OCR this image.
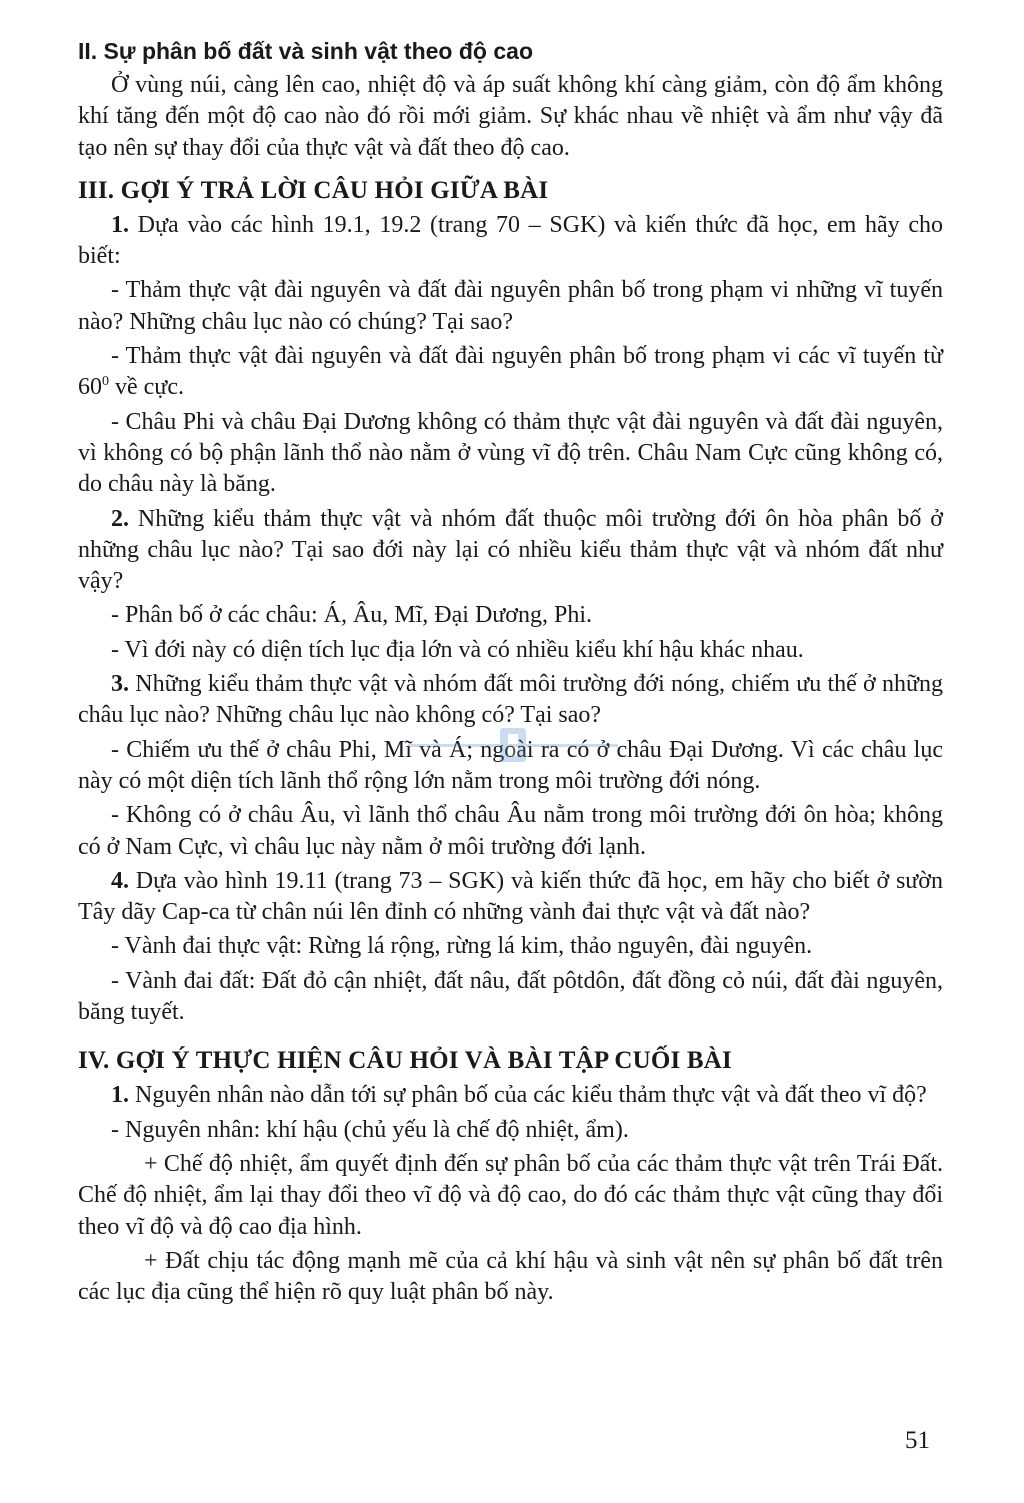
II. Sự phân bố đất và sinh vật theo độ cao

Ở vùng núi, càng lên cao, nhiệt độ và áp suất không khí càng giảm, còn độ ẩm không khí tăng đến một độ cao nào đó rồi mới giảm. Sự khác nhau về nhiệt và ẩm như vậy đã tạo nên sự thay đổi của thực vật và đất theo độ cao.

III. GỢI Ý TRẢ LỜI CÂU HỎI GIỮA BÀI

1. Dựa vào các hình 19.1, 19.2 (trang 70 – SGK) và kiến thức đã học, em hãy cho biết:

- Thảm thực vật đài nguyên và đất đài nguyên phân bố trong phạm vi những vĩ tuyến nào? Những châu lục nào có chúng? Tại sao?

- Thảm thực vật đài nguyên và đất đài nguyên phân bố trong phạm vi các vĩ tuyến từ $60^0$ về cực.

- Châu Phi và châu Đại Dương không có thảm thực vật đài nguyên và đất đài nguyên, vì không có bộ phận lãnh thổ nào nằm ở vùng vĩ độ trên. Châu Nam Cực cũng không có, do châu này là băng.

2. Những kiểu thảm thực vật và nhóm đất thuộc môi trường đới ôn hòa phân bố ở những châu lục nào? Tại sao đới này lại có nhiều kiểu thảm thực vật và nhóm đất như vậy?

- Phân bố ở các châu: Á, Âu, Mĩ, Đại Dương, Phi.

- Vì đới này có diện tích lục địa lớn và có nhiều kiểu khí hậu khác nhau.

3. Những kiểu thảm thực vật và nhóm đất môi trường đới nóng, chiếm ưu thế ở những châu lục nào? Những châu lục nào không có? Tại sao?

- Chiếm ưu thế ở châu Phi, Mĩ và Á; ngoài ra có ở châu Đại Dương. Vì các châu lục này có một diện tích lãnh thổ rộng lớn nằm trong môi trường đới nóng.

- Không có ở châu Âu, vì lãnh thổ châu Âu nằm trong môi trường đới ôn hòa; không có ở Nam Cực, vì châu lục này nằm ở môi trường đới lạnh.

4. Dựa vào hình 19.11 (trang 73 – SGK) và kiến thức đã học, em hãy cho biết ở sườn Tây dãy Cap-ca từ chân núi lên đỉnh có những vành đai thực vật và đất nào?

- Vành đai thực vật: Rừng lá rộng, rừng lá kim, thảo nguyên, đài nguyên.

- Vành đai đất: Đất đỏ cận nhiệt, đất nâu, đất pôtdôn, đất đồng cỏ núi, đất đài nguyên, băng tuyết.

IV. GỢI Ý THỰC HIỆN CÂU HỎI VÀ BÀI TẬP CUỐI BÀI

1. Nguyên nhân nào dẫn tới sự phân bố của các kiểu thảm thực vật và đất theo vĩ độ?

- Nguyên nhân: khí hậu (chủ yếu là chế độ nhiệt, ẩm).

+ Chế độ nhiệt, ẩm quyết định đến sự phân bố của các thảm thực vật trên Trái Đất. Chế độ nhiệt, ẩm lại thay đổi theo vĩ độ và độ cao, do đó các thảm thực vật cũng thay đổi theo vĩ độ và độ cao địa hình.

+ Đất chịu tác động mạnh mẽ của cả khí hậu và sinh vật nên sự phân bố đất trên các lục địa cũng thể hiện rõ quy luật phân bố này.

51
